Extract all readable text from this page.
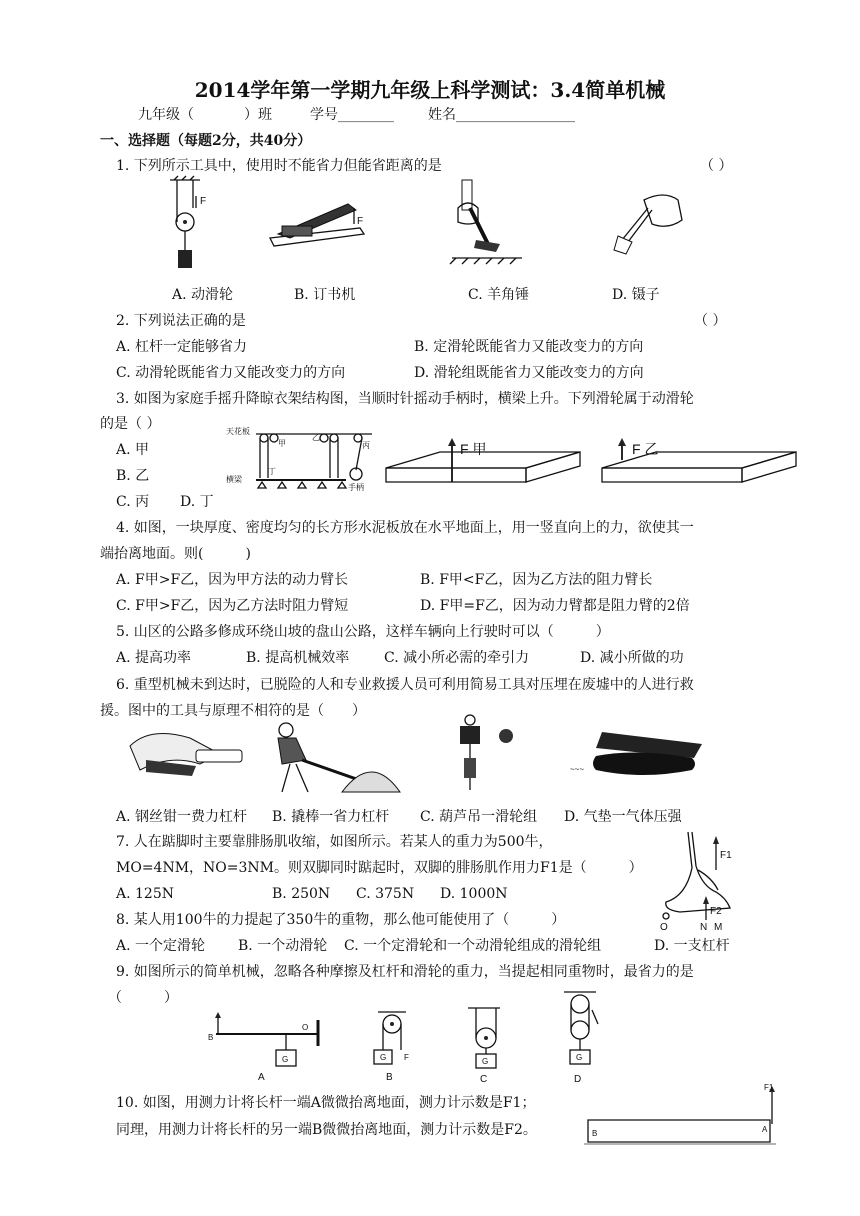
2014学年第一学期九年级上科学测试：3.4简单机械
九年级（	）班	学号________ 姓名_________________
一、选择题（每题2分，共40分）
1. 下列所示工具中，使用时不能省力但能省距离的是	（ ）
F
F
A. 动滑轮	B. 订书机	C. 羊角锤	D. 镊子
2. 下列说法正确的是	（ ）
A. 杠杆一定能够省力	B. 定滑轮既能省力又能改变力的方向
C. 动滑轮既能省力又能改变力的方向	D. 滑轮组既能省力又能改变力的方向
3. 如图为家庭手摇升降晾衣架结构图，当顺时针摇动手柄时，横梁上升。下列滑轮属于动滑轮
的是（ ）
A. 甲
B. 乙
C. 丙 D. 丁
天花板
甲
乙
丙
手柄
丁
横梁
F 甲	F 乙
4. 如图，一块厚度、密度均匀的长方形水泥板放在水平地面上，用一竖直向上的力，欲使其一
端抬离地面。则(　　　)
A. F甲>F乙，因为甲方法的动力臂长	B. F甲<F乙，因为乙方法的阻力臂长
C. F甲>F乙，因为乙方法时阻力臂短	D. F甲=F乙，因为动力臂都是阻力臂的2倍
5. 山区的公路多修成环绕山坡的盘山公路，这样车辆向上行驶时可以（　　　）
A. 提高功率	B. 提高机械效率 C. 减小所必需的牵引力	D. 减小所做的功
6. 重型机械未到达时，已脱险的人和专业救援人员可利用简易工具对压埋在废墟中的人进行救
援。图中的工具与原理不相符的是（　　）
~~~
A. 钢丝钳一费力杠杆 B. 撬棒一省力杠杆 C. 葫芦吊一滑轮组 D. 气垫一气体压强
7. 人在踮脚时主要靠腓肠肌收缩，如图所示。若某人的重力为500牛，
MO=4NM，NO=3NM。则双脚同时踮起时，双脚的腓肠肌作用力F1是（　　　）
A. 125N	B. 250N C. 375N D. 1000N
F1
F2
O	N M
8. 某人用100牛的力提起了350牛的重物，那么他可能使用了（　　　）
A. 一个定滑轮 B. 一个动滑轮 C. 一个定滑轮和一个动滑轮组成的滑轮组	D. 一支杠杆
9. 如图所示的简单机械，忽略各种摩擦及杠杆和滑轮的重力，当提起相同重物时，最省力的是
（　　　）
B
O
G
A
G F
B
G
C
G
D
10. 如图，用测力计将长杆一端A微微抬离地面，测力计示数是F1；
同理，用测力计将长杆的另一端B微微抬离地面，测力计示数是F2。
F1
B	A
